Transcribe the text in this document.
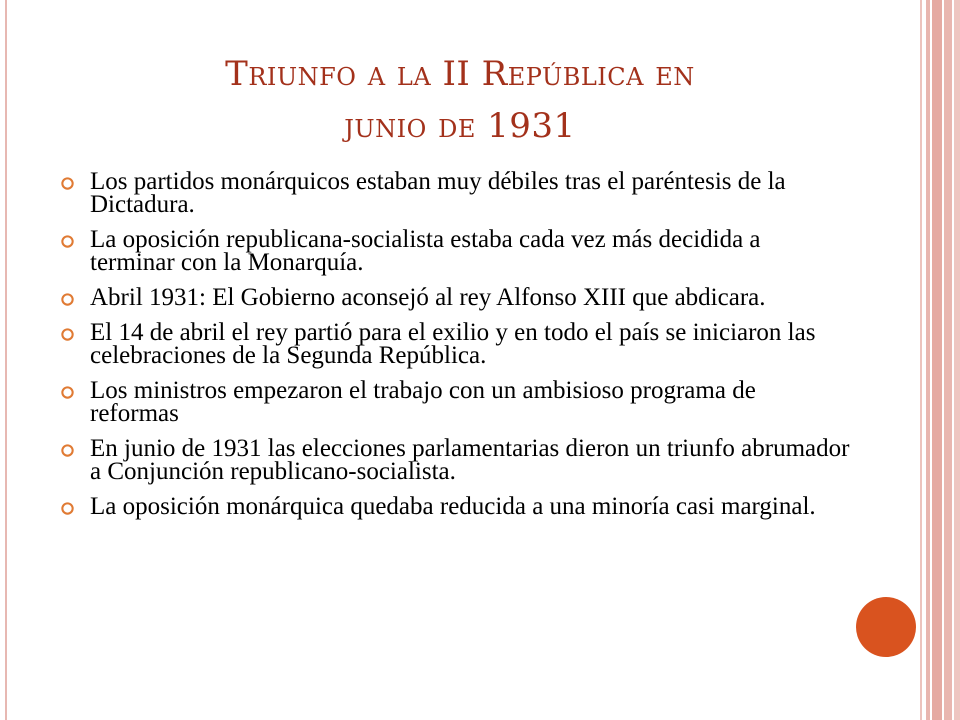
Triunfo a la II República en
junio de 1931
Los partidos monárquicos estaban muy débiles tras el paréntesis de la Dictadura.
La oposición republicana-socialista estaba cada vez más decidida a terminar con la Monarquía.
Abril 1931: El Gobierno aconsejó al rey Alfonso XIII que abdicara.
El 14 de abril el rey partió para el exilio y en todo el país se iniciaron las celebraciones de la Segunda República.
Los ministros empezaron el trabajo con un ambisioso programa de reformas
En junio de 1931 las elecciones parlamentarias dieron un triunfo abrumador a Conjunción republicano-socialista.
La oposición monárquica quedaba reducida a una minoría casi marginal.
